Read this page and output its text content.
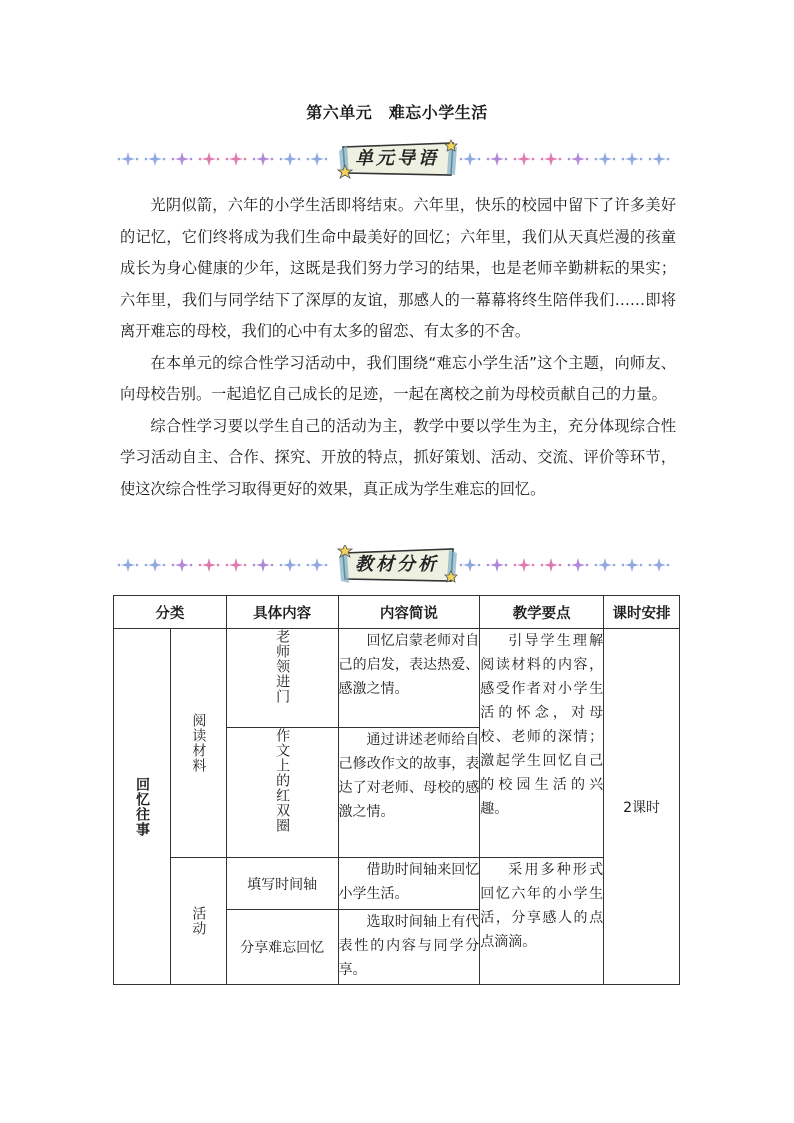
第六单元　难忘小学生活
单元导语

光阴似箭，六年的小学生活即将结束。六年里，快乐的校园中留下了许多美好的记忆，它们终将成为我们生命中最美好的回忆；六年里，我们从天真烂漫的孩童成长为身心健康的少年，这既是我们努力学习的结果，也是老师辛勤耕耘的果实；六年里，我们与同学结下了深厚的友谊，那感人的一幕幕将终生陪伴我们……即将离开难忘的母校，我们的心中有太多的留恋、有太多的不舍。

在本单元的综合性学习活动中，我们围绕“难忘小学生活”这个主题，向师友、向母校告别。一起追忆自己成长的足迹，一起在离校之前为母校贡献自己的力量。

综合性学习要以学生自己的活动为主，教学中要以学生为主，充分体现综合性学习活动自主、合作、探究、开放的特点，抓好策划、活动、交流、评价等环节，使这次综合性学习取得更好的效果，真正成为学生难忘的回忆。

教材分析
分类		具体内容	内容简说	教学要点	课时安排

回忆往事	阅读材料	老师领进门	回忆启蒙老师对自己的启发，表达热爱、感激之情。	引导学生理解阅读材料的内容，感受作者对小学生活的怀念，对母校、老师的深情；激起学生回忆自己的校园生活的兴趣。	2课时

		作文上的红双圈	通过讲述老师给自己修改作文的故事，表达了对老师、母校的感激之情。		

	活动	填写时间轴	借助时间轴来回忆小学生活。	采用多种形式回忆六年的小学生活，分享感人的点点滴滴。	

		分享难忘回忆	选取时间轴上有代表性的内容与同学分享。		
